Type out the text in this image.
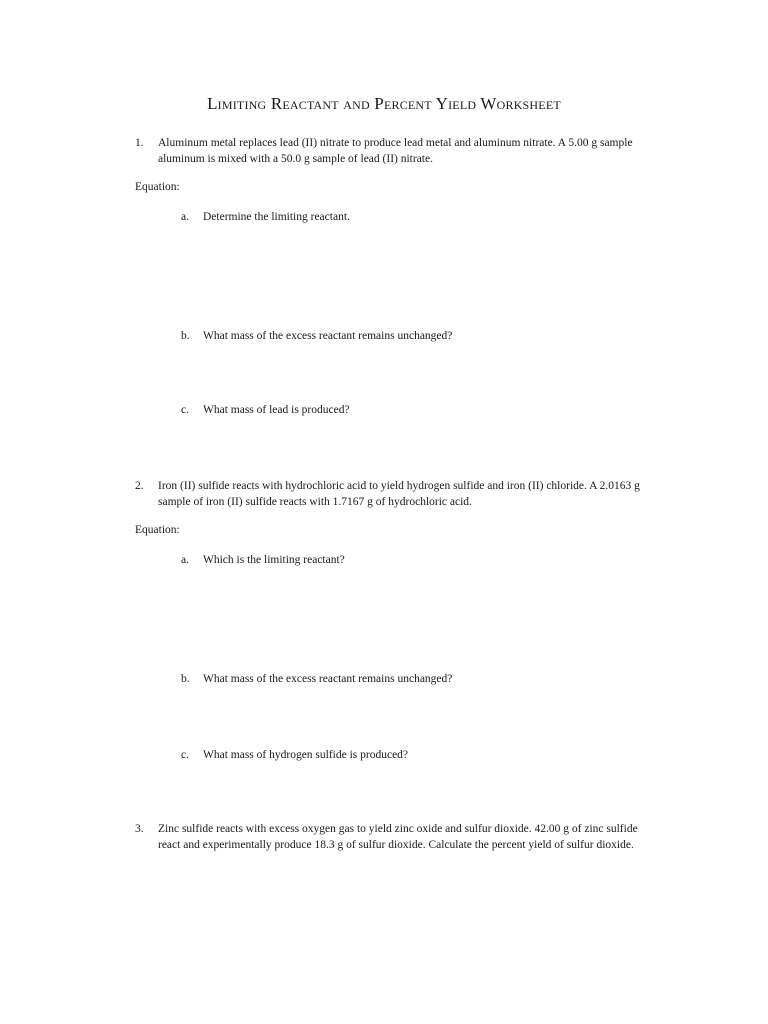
Limiting Reactant and Percent Yield Worksheet
1.	Aluminum metal replaces lead (II) nitrate to produce lead metal and aluminum nitrate. A 5.00 g sample aluminum is mixed with a 50.0 g sample of lead (II) nitrate.
Equation:
a. Determine the limiting reactant.
b. What mass of the excess reactant remains unchanged?
c. What mass of lead is produced?
2.	Iron (II) sulfide reacts with hydrochloric acid to yield hydrogen sulfide and iron (II) chloride. A 2.0163 g sample of iron (II) sulfide reacts with 1.7167 g of hydrochloric acid.
Equation:
a. Which is the limiting reactant?
b. What mass of the excess reactant remains unchanged?
c. What mass of hydrogen sulfide is produced?
3.	Zinc sulfide reacts with excess oxygen gas to yield zinc oxide and sulfur dioxide. 42.00 g of zinc sulfide react and experimentally produce 18.3 g of sulfur dioxide. Calculate the percent yield of sulfur dioxide.
